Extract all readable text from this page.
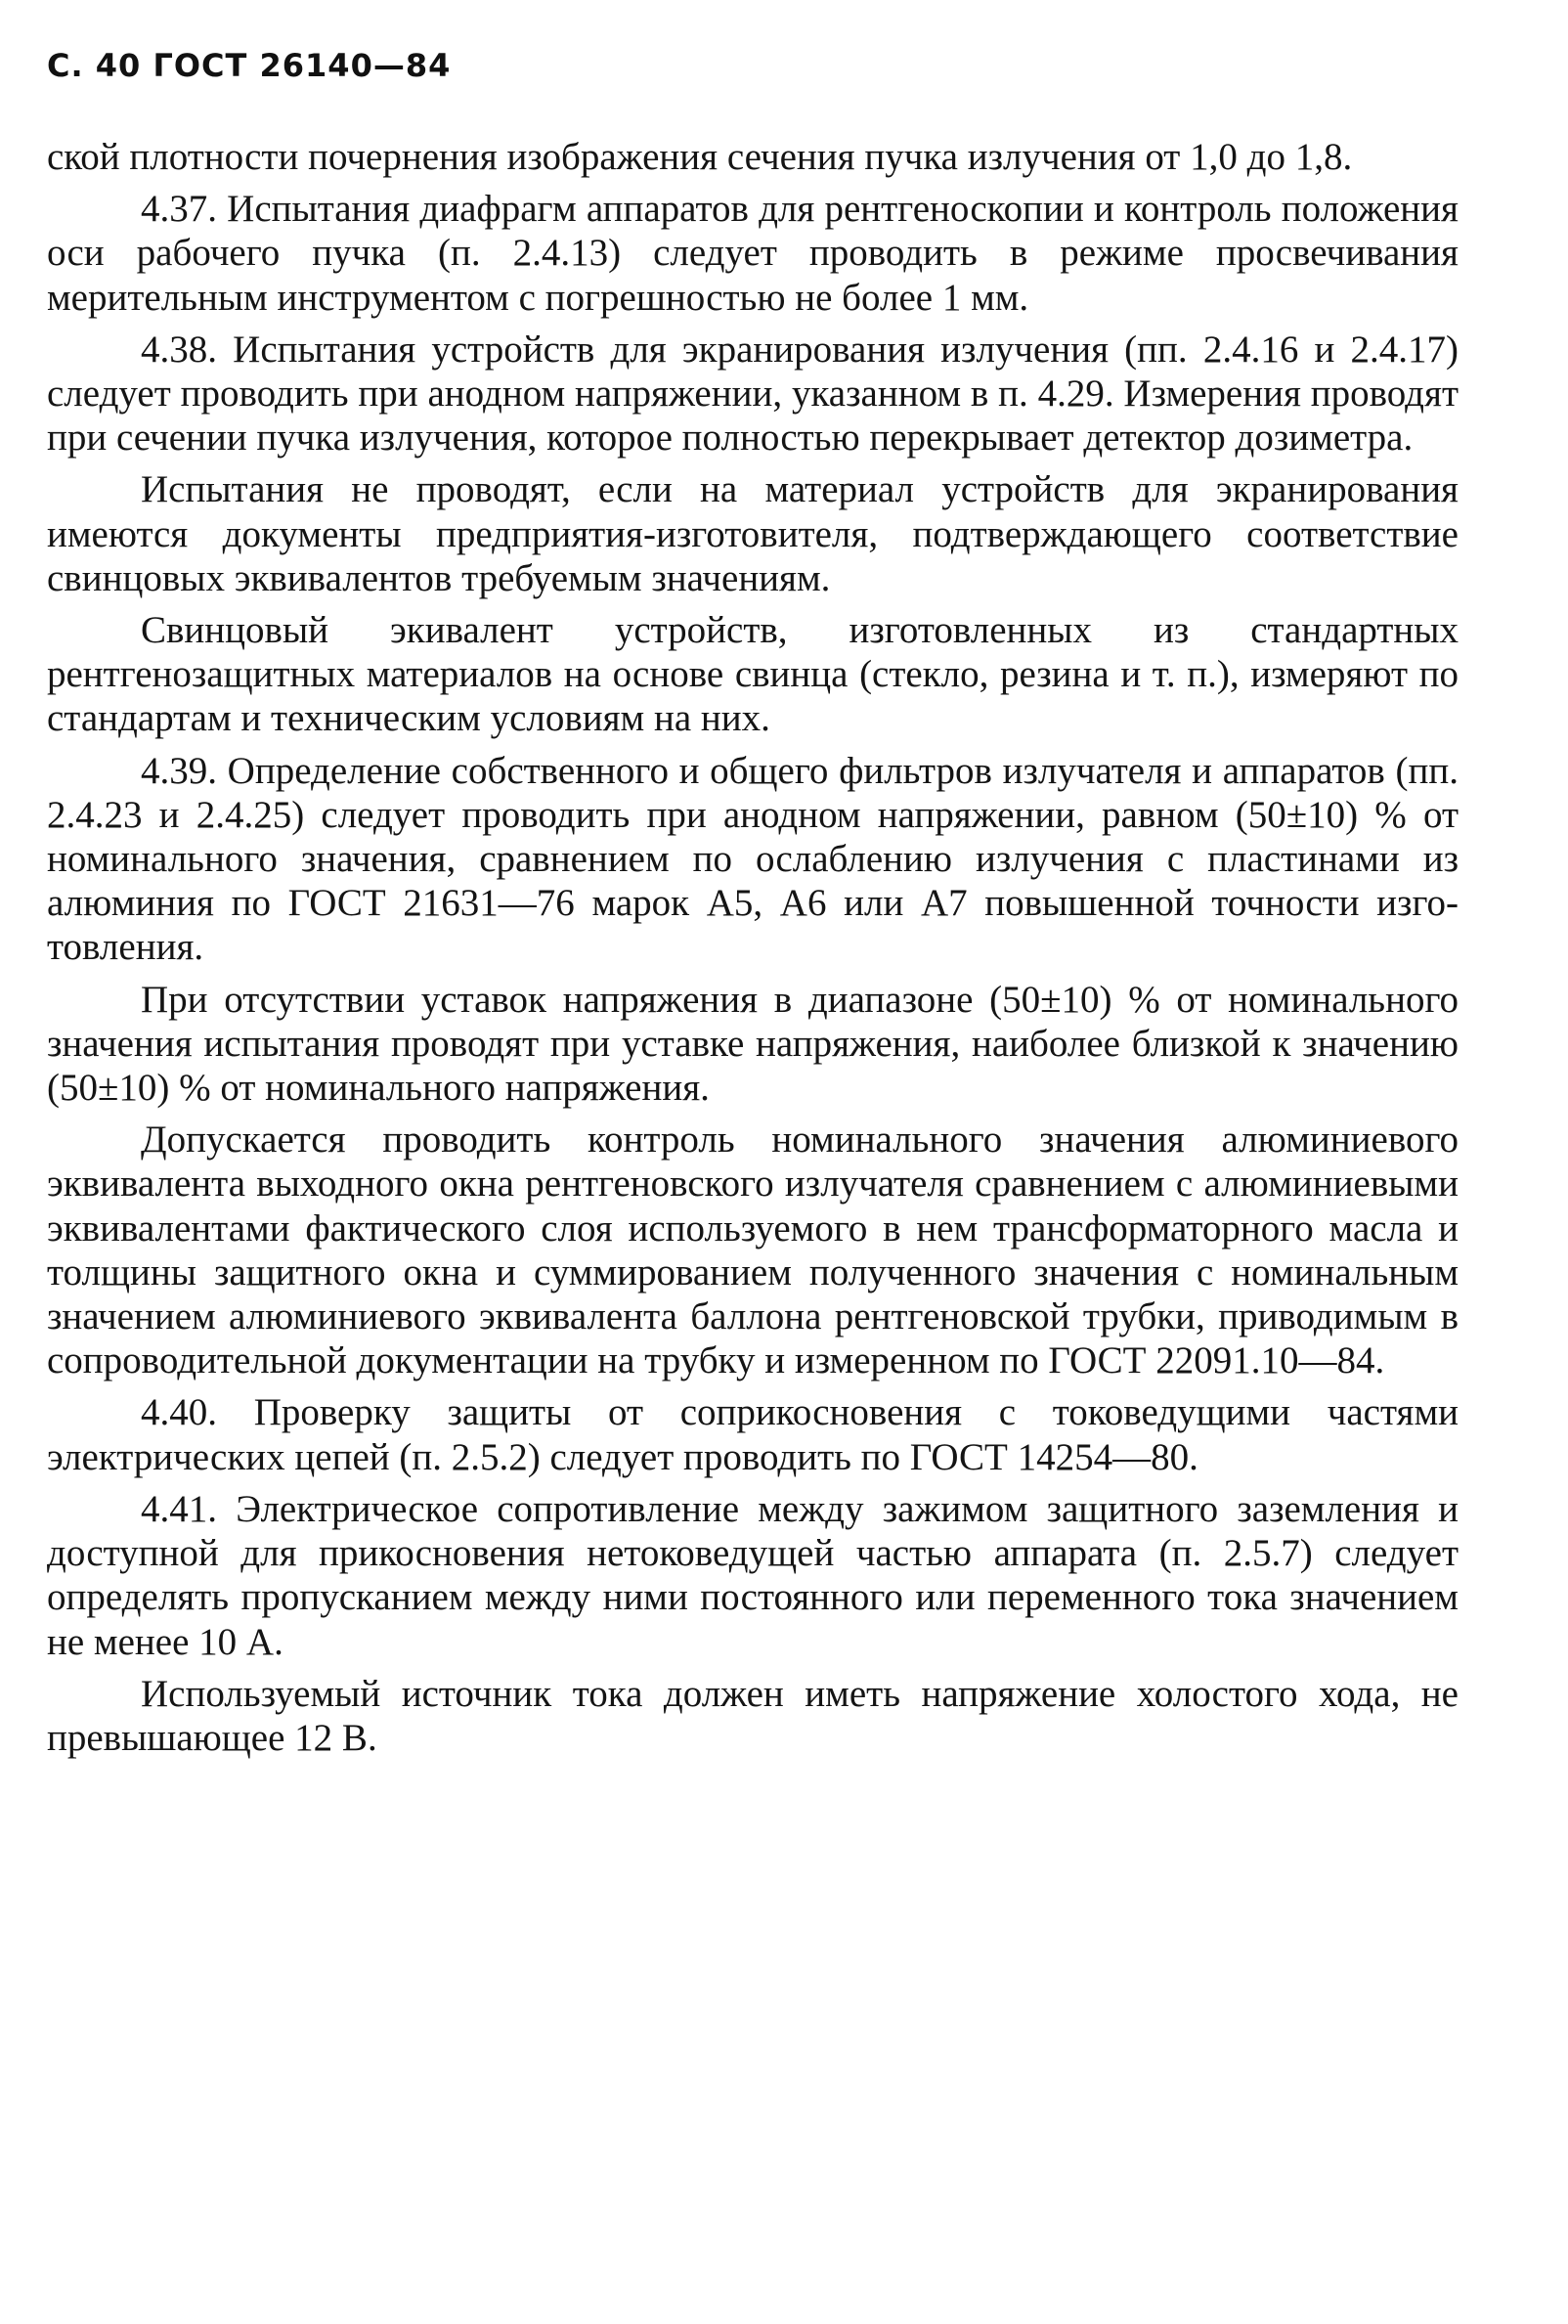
С. 40 ГОСТ 26140—84

ской плотности почернения изображения сечения пучка излучения от 1,0 до 1,8.

4.37. Испытания диафрагм аппаратов для рентгеноскопии и контроль положения оси рабочего пучка (п. 2.4.13) следует проводить в режиме просвечивания мерительным инструментом с погрешностью не более 1 мм.

4.38. Испытания устройств для экранирования излучения (пп. 2.4.16 и 2.4.17) следует проводить при анодном напряжении, указанном в п. 4.29. Измерения проводят при сечении пучка излучения, которое полностью перекрывает детектор дозиметра.

Испытания не проводят, если на материал устройств для экранирования имеются документы предприятия-изготовителя, подтверждающего соответствие свинцовых эквивалентов требуемым значениям.

Свинцовый экивалент устройств, изготовленных из стандартных рентгенозащитных материалов на основе свинца (стекло, резина и т. п.), измеряют по стандартам и техническим условиям на них.

4.39. Определение собственного и общего фильтров излучателя и аппаратов (пп. 2.4.23 и 2.4.25) следует проводить при анодном напряжении, равном (50±10) % от номинального значения, сравнением по ослаблению излучения с пластинами из алюминия по ГОСТ 21631—76 марок А5, А6 или А7 повышенной точности изготовления.

При отсутствии уставок напряжения в диапазоне (50±10) % от номинального значения испытания проводят при уставке напряжения, наиболее близкой к значению (50±10) % от номинального напряжения.

Допускается проводить контроль номинального значения алюминиевого эквивалента выходного окна рентгеновского излучателя сравнением с алюминиевыми эквивалентами фактического слоя используемого в нем трансформаторного масла и толщины защитного окна и суммированием полученного значения с номинальным значением алюминиевого эквивалента баллона рентгеновской трубки, приводимым в сопроводительной документации на трубку и измеренном по ГОСТ 22091.10—84.

4.40. Проверку защиты от соприкосновения с токоведущими частями электрических цепей (п. 2.5.2) следует проводить по ГОСТ 14254—80.

4.41. Электрическое сопротивление между зажимом защитного заземления и доступной для прикосновения нетоковедущей частью аппарата (п. 2.5.7) следует определять пропусканием между ними постоянного или переменного тока значением не менее 10 А.

Используемый источник тока должен иметь напряжение холостого хода, не превышающее 12 В.
